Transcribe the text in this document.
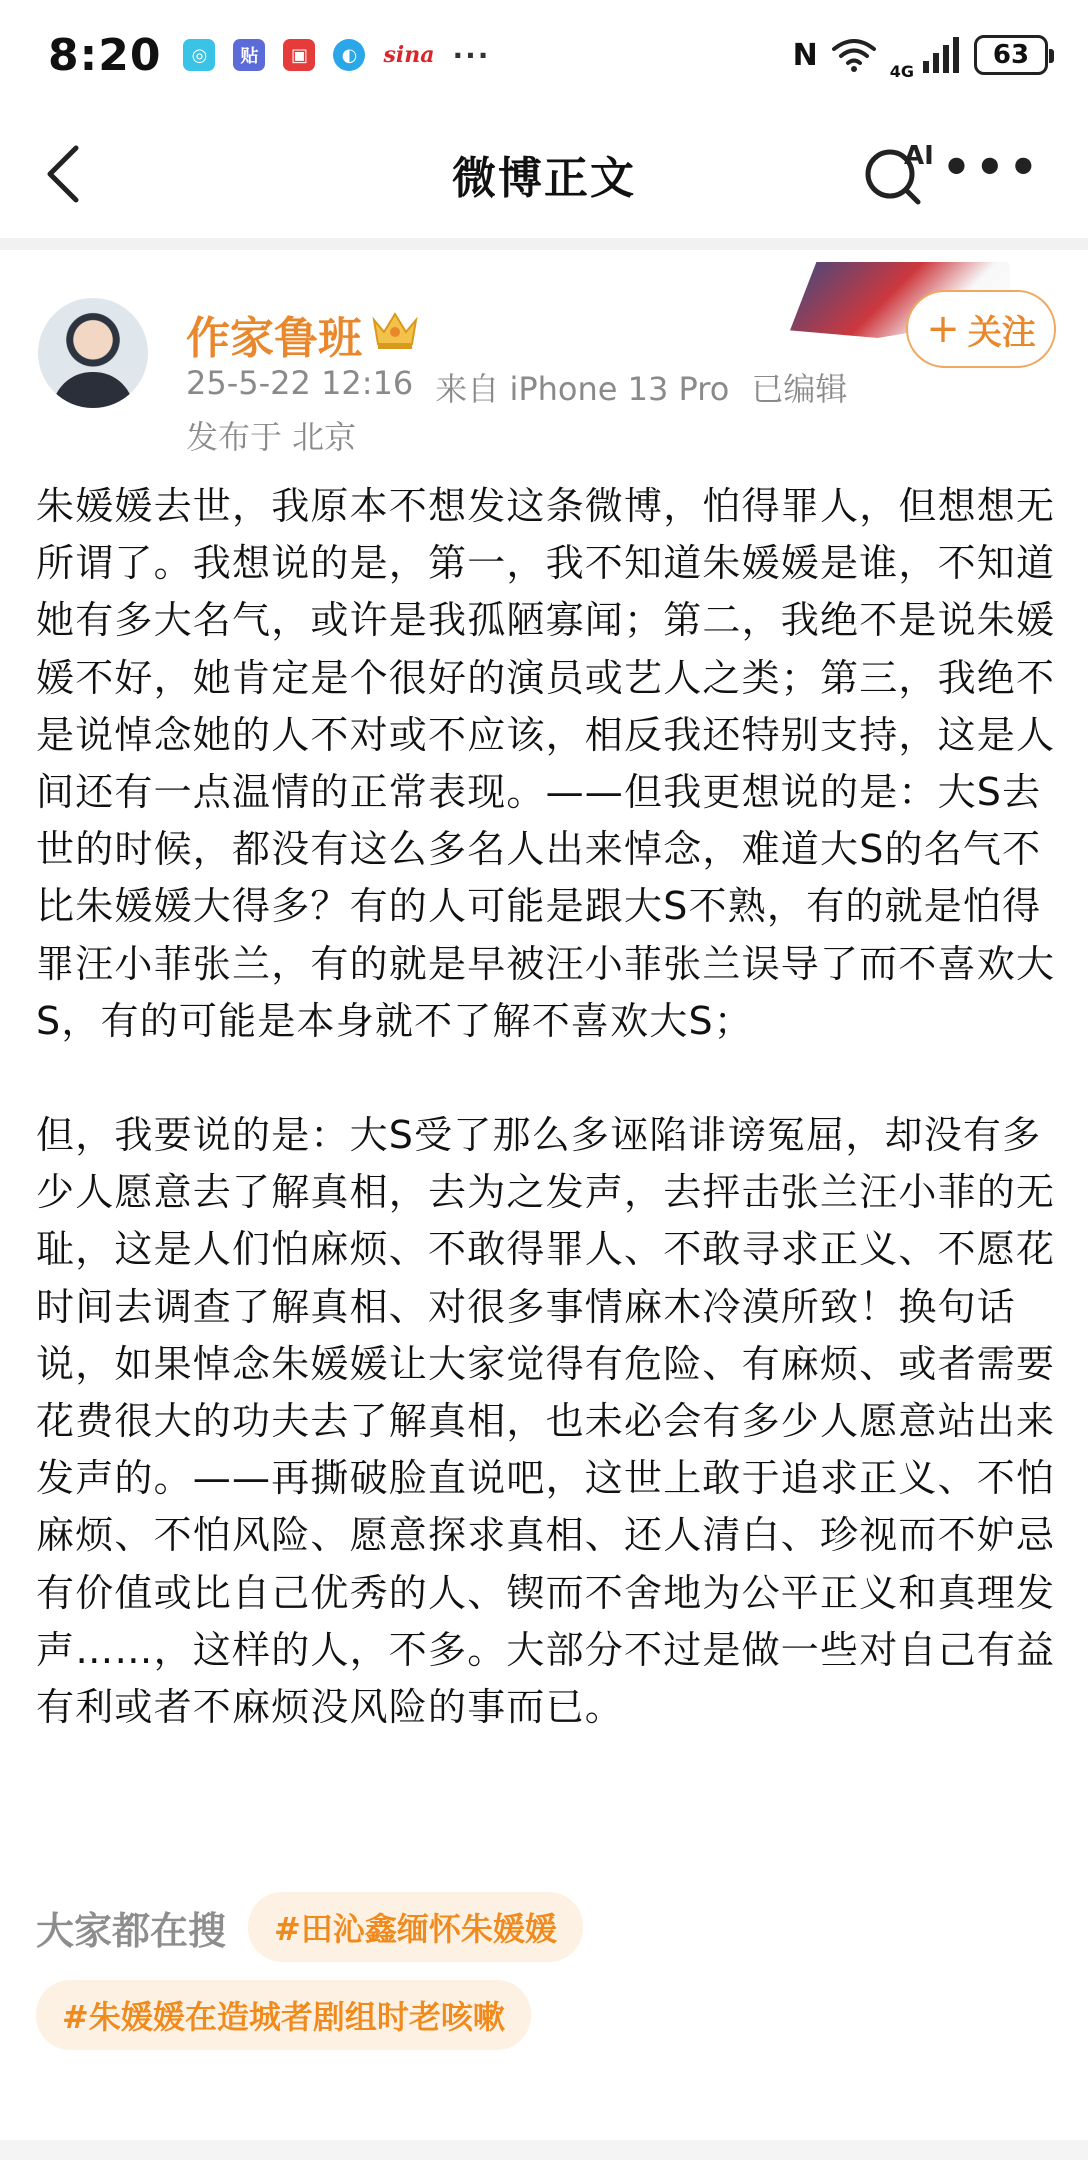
8:20	◎	贴	▣	◐	sina ···	N	4G
63
微博正文	AI •••
作家鲁班
25-5-22 12:16 来自 iPhone 13 Pro 已编辑
发布于 北京
+ 关注

朱媛媛去世，我原本不想发这条微博，怕得罪人，但想想无所谓了。我想说的是，第一，我不知道朱媛媛是谁，不知道她有多大名气，或许是我孤陋寡闻；第二，我绝不是说朱媛媛不好，她肯定是个很好的演员或艺人之类；第三，我绝不是说悼念她的人不对或不应该，相反我还特别支持，这是人间还有一点温情的正常表现。——但我更想说的是：大S去世的时候，都没有这么多名人出来悼念，难道大S的名气不比朱媛媛大得多？有的人可能是跟大S不熟，有的就是怕得罪汪小菲张兰，有的就是早被汪小菲张兰误导了而不喜欢大S，有的可能是本身就不了解不喜欢大S；

但，我要说的是：大S受了那么多诬陷诽谤冤屈，却没有多少人愿意去了解真相，去为之发声，去抨击张兰汪小菲的无耻，这是人们怕麻烦、不敢得罪人、不敢寻求正义、不愿花时间去调查了解真相、对很多事情麻木冷漠所致！换句话说，如果悼念朱媛媛让大家觉得有危险、有麻烦、或者需要花费很大的功夫去了解真相，也未必会有多少人愿意站出来发声的。——再撕破脸直说吧，这世上敢于追求正义、不怕麻烦、不怕风险、愿意探求真相、还人清白、珍视而不妒忌有价值或比自己优秀的人、锲而不舍地为公平正义和真理发声……，这样的人，不多。大部分不过是做一些对自己有益有利或者不麻烦没风险的事而已。

大家都在搜	#田沁鑫缅怀朱媛媛
#朱媛媛在造城者剧组时老咳嗽
